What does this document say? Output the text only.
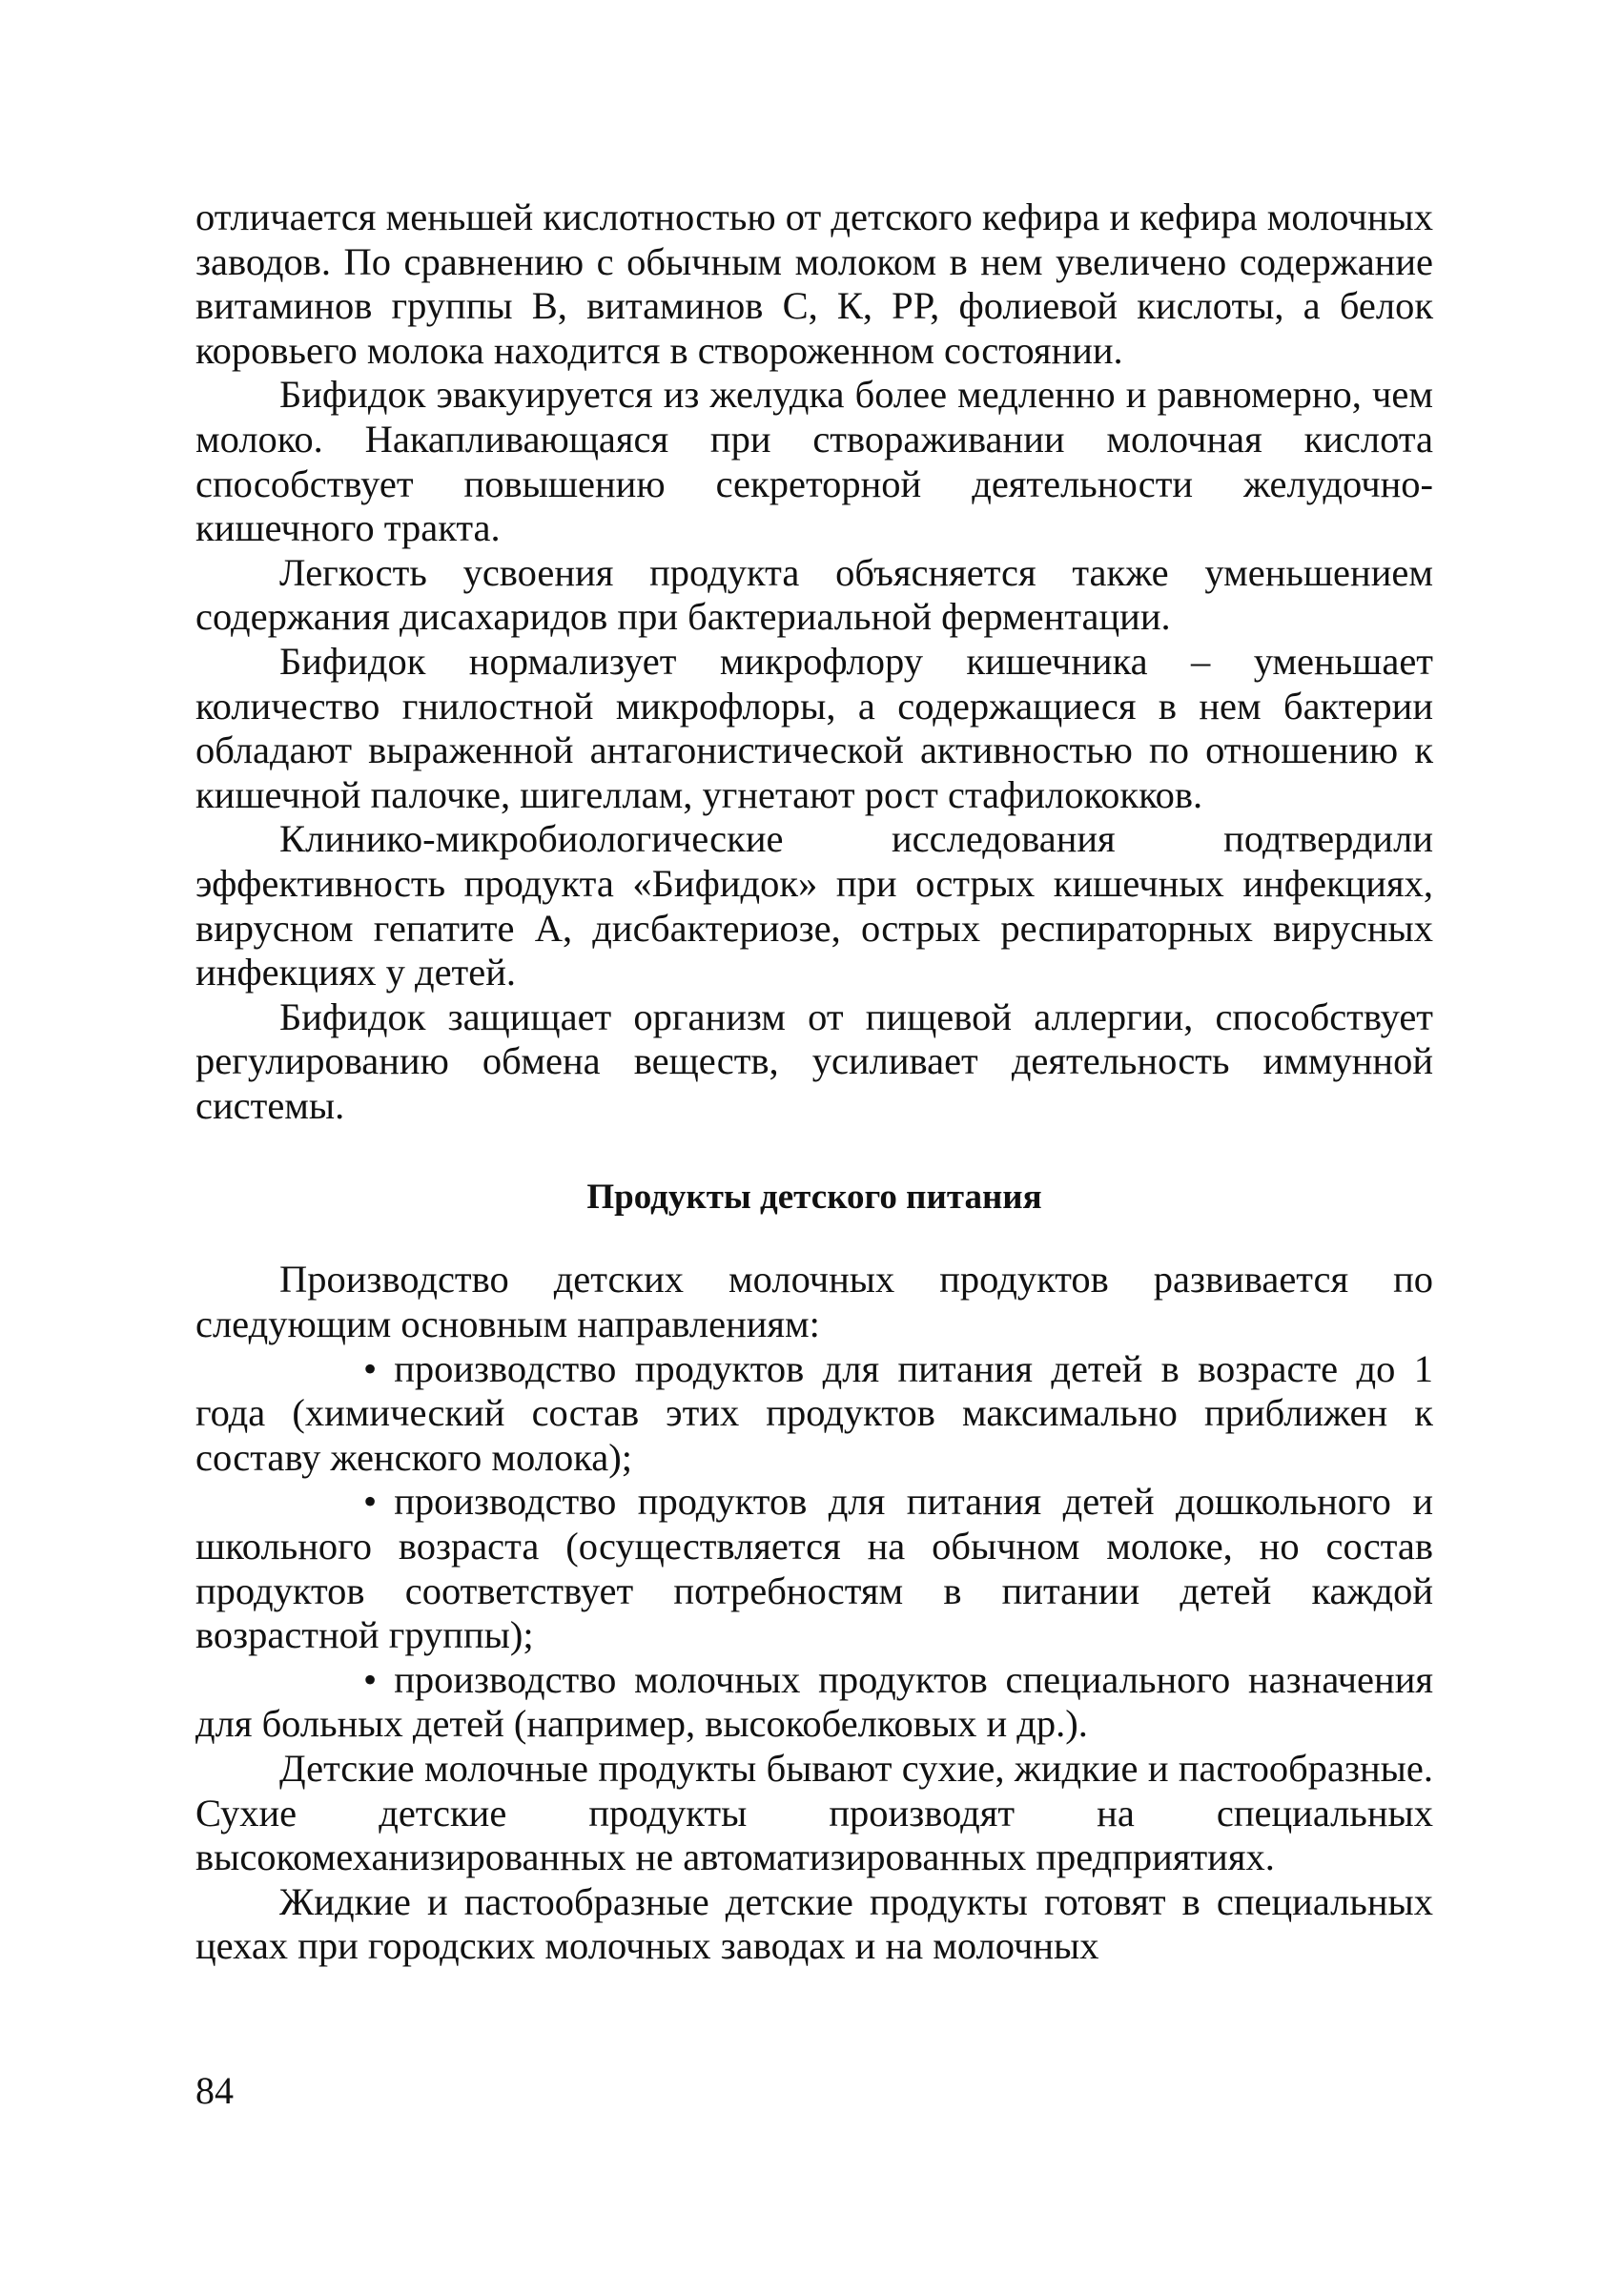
отличается меньшей кислотностью от детского кефира и кефира молочных заводов. По сравнению с обычным молоком в нем увеличено содержание витаминов группы В, витаминов С, К, РР, фолиевой кислоты, а белок коровьего молока находится в створоженном состоянии.

Бифидок эвакуируется из желудка более медленно и равномерно, чем молоко. Накапливающаяся при створаживании молочная кислота способствует повышению секреторной деятельности желудочно-кишечного тракта.

Легкость усвоения продукта объясняется также уменьшением содержания дисахаридов при бактериальной ферментации.

Бифидок нормализует микрофлору кишечника – уменьшает количество гнилостной микрофлоры, а содержащиеся в нем бактерии обладают выраженной антагонистической активностью по отношению к кишечной палочке, шигеллам, угнетают рост стафилококков.

Клинико-микробиологические исследования подтвердили эффективность продукта «Бифидок» при острых кишечных инфекциях, вирусном гепатите А, дисбактериозе, острых респираторных вирусных инфекциях у детей.

Бифидок защищает организм от пищевой аллергии, способствует регулированию обмена веществ, усиливает деятельность иммунной системы.

Продукты детского питания

Производство детских молочных продуктов развивается по следующим основным направлениям:

• производство продуктов для питания детей в возрасте до 1 года (химический состав этих продуктов максимально приближен к составу женского молока);

• производство продуктов для питания детей дошкольного и школьного возраста (осуществляется на обычном молоке, но состав продуктов соответствует потребностям в питании детей каждой возрастной группы);

• производство молочных продуктов специального назначения для больных детей (например, высокобелковых и др.).

Детские молочные продукты бывают сухие, жидкие и пастообразные. Сухие детские продукты производят на специальных высокомеханизированных не автоматизированных предприятиях.

Жидкие и пастообразные детские продукты готовят в специальных цехах при городских молочных заводах и на молочных

84
